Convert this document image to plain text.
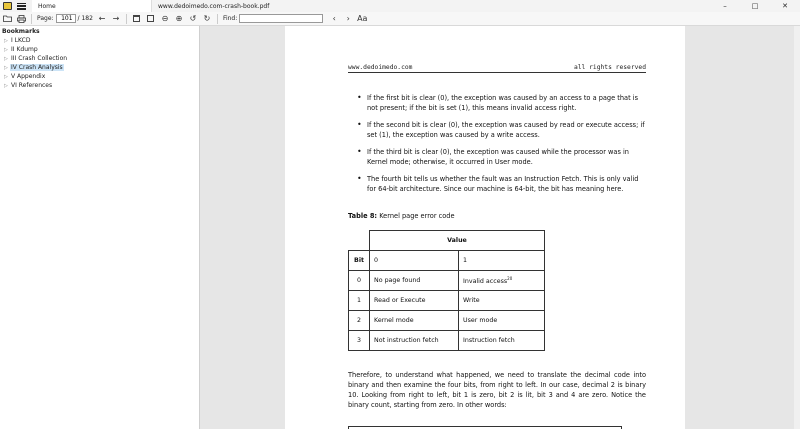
Home	www.dedoimedo.com-crash-book.pdf	–	□	✕
Page:
101	/ 182 ← →	⊖ ⊕ ↺ ↻	Find:	‹	› Aa
Bookmarks
▷ I LKCD
▷ II Kdump
▷ III Crash Collection
▷ IV Crash Analysis
▷ V Appendix
▷ VI References
www.dedoimedo.com	all rights reserved
• If the first bit is clear (0), the exception was caused by an access to a page that is not present; if the bit is set (1), this means invalid access right.
• If the second bit is clear (0), the exception was caused by read or execute access; if set (1), the exception was caused by a write access.
• If the third bit is clear (0), the exception was caused while the processor was in Kernel mode; otherwise, it occurred in User mode.
• The fourth bit tells us whether the fault was an Instruction Fetch. This is only valid for 64-bit architecture. Since our machine is 64-bit, the bit has meaning here.
Table 8: Kernel page error code
	Value	
Bit	0	1
0	No page found	Invalid access$^{20}$
1	Read or Execute	Write
2	Kernel mode	User mode
3	Not instruction fetch	Instruction fetch

Therefore, to understand what happened, we need to translate the decimal code into binary and then examine the four bits, from right to left. In our case, decimal 2 is binary 10. Looking from right to left, bit 1 is zero, bit 2 is lit, bit 3 and 4 are zero. Notice the binary count, starting from zero. In other words:
